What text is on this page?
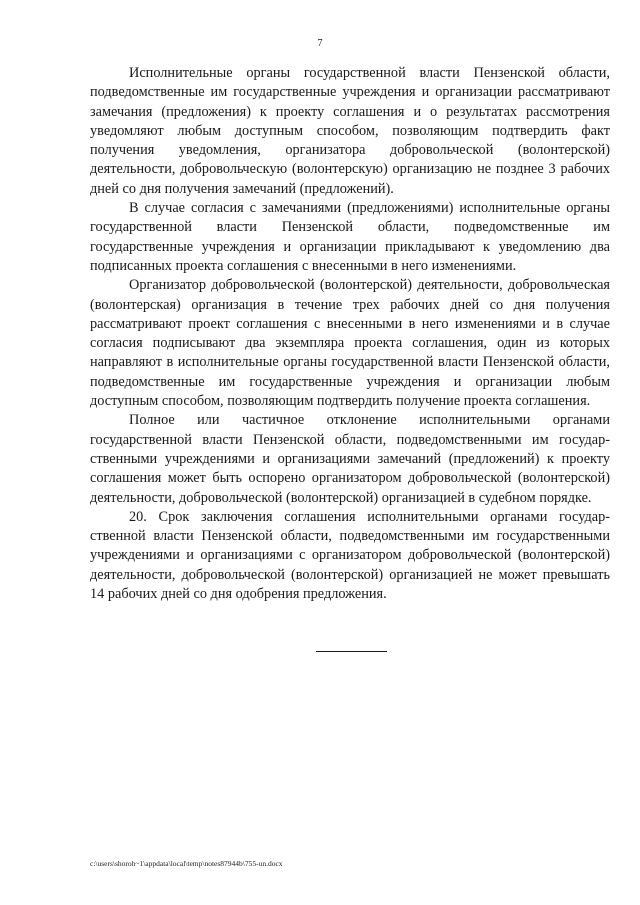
7

Исполнительные органы государственной власти Пензенской области, подведомственные им государственные учреждения и организации рассматривают замечания (предложения) к проекту соглашения и о результатах рассмотрения уведомляют любым доступным способом, позволяющим подтвердить факт получения уведомления, организатора добровольческой (волонтерской) деятельности, добровольческую (волонтерскую) организацию не позднее 3 рабочих дней со дня получения замечаний (предложений).

В случае согласия с замечаниями (предложениями) исполнительные органы государственной власти Пензенской области, подведомственные им государственные учреждения и организации прикладывают к уведомлению два подписанных проекта соглашения с внесенными в него изменениями.

Организатор добровольческой (волонтерской) деятельности, добровольческая (волонтерская) организация в течение трех рабочих дней со дня получения рассматривают проект соглашения с внесенными в него изменениями и в случае согласия подписывают два экземпляра проекта соглашения, один из которых направляют в исполнительные органы государственной власти Пензенской области, подведомственные им государственные учреждения и организации любым доступным способом, позволяющим подтвердить получение проекта соглашения.

Полное или частичное отклонение исполнительными органами государственной власти Пензенской области, подведомственными им государственными учреждениями и организациями замечаний (предложений) к проекту соглашения может быть оспорено организатором добровольческой (волонтерской) деятельности, добровольческой (волонтерской) организацией в судебном порядке.

20. Срок заключения соглашения исполнительными органами государственной власти Пензенской области, подведомственными им государственными учреждениями и организациями с организатором добровольческой (волонтерской) деятельности, добровольческой (волонтерской) организацией не может превышать 14 рабочих дней со дня одобрения предложения.

c:\users\shoroh~1\appdata\local\temp\notes87944b\755-un.docx
